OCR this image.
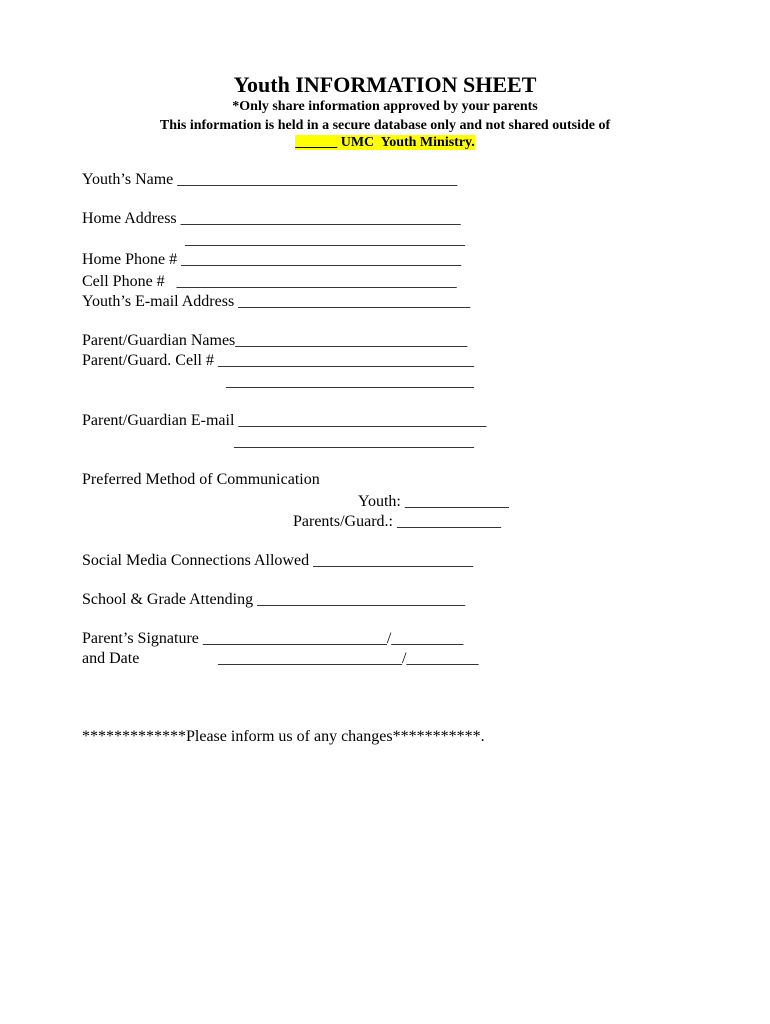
Youth INFORMATION SHEET
*Only share information approved by your parents
This information is held in a secure database only and not shared outside of
______ UMC  Youth Ministry.
Youth’s Name ___________________________________
Home Address ___________________________________
___________________________________
Home Phone # ___________________________________
Cell Phone #   ___________________________________
Youth’s E-mail Address _____________________________
Parent/Guardian Names_____________________________
Parent/Guard. Cell # ________________________________
_______________________________
Parent/Guardian E-mail _______________________________
______________________________
Preferred Method of Communication
Youth: _____________
Parents/Guard.: _____________
Social Media Connections Allowed ____________________
School & Grade Attending __________________________
Parent’s Signature _______________________/_________
and Date	_______________________/_________
*************Please inform us of any changes***********.
